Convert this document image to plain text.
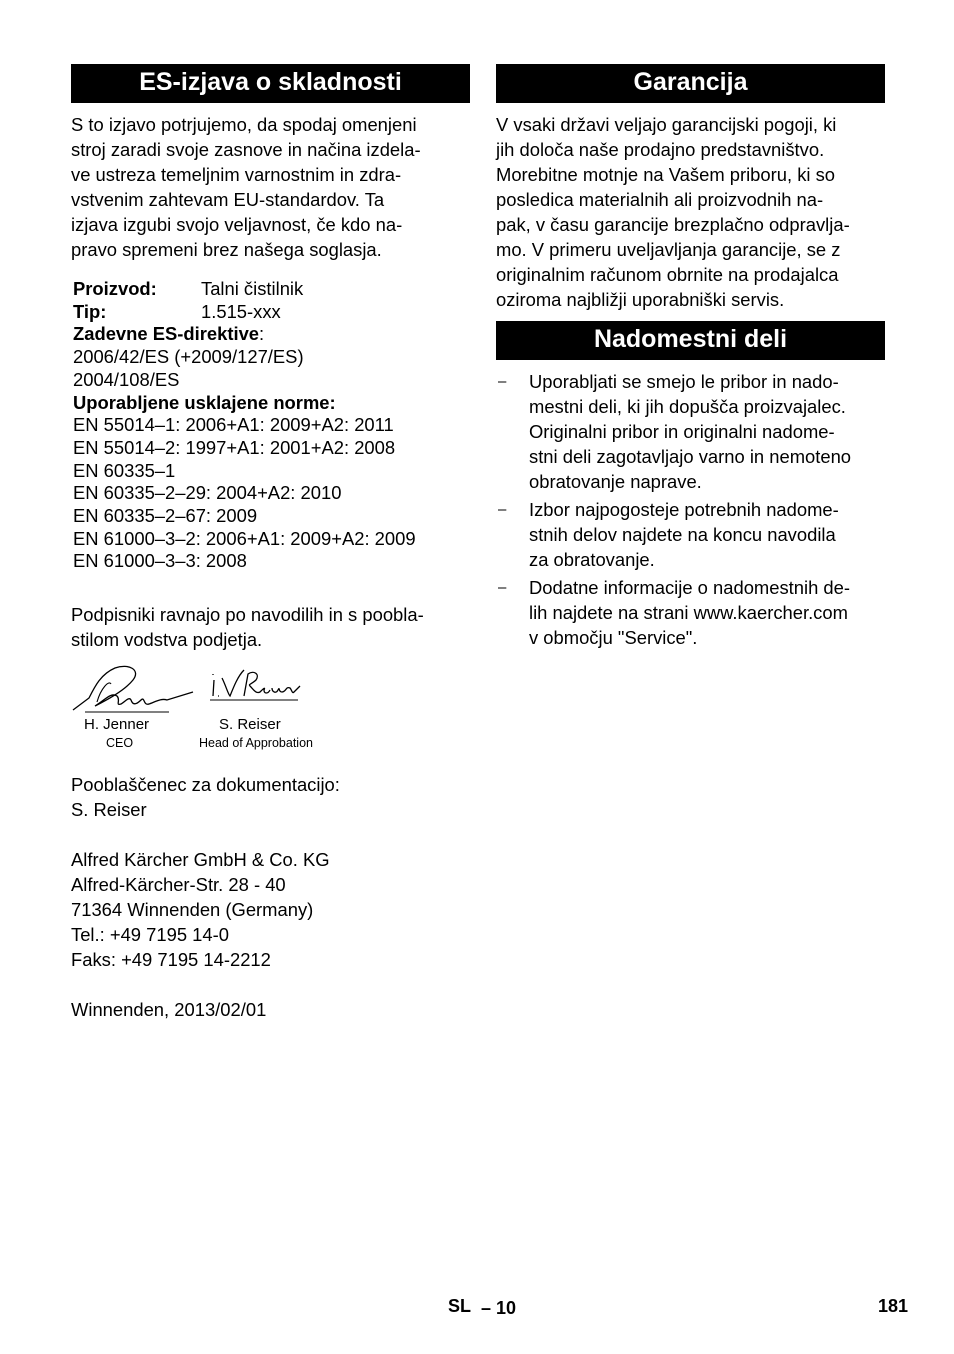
ES-izjava o skladnosti

S to izjavo potrjujemo, da spodaj omenjeni

stroj zaradi svoje zasnove in načina izdela-

ve ustreza temeljnim varnostnim in zdra-

vstvenim zahtevam EU-standardov. Ta

izjava izgubi svojo veljavnost, če kdo na-

pravo spremeni brez našega soglasja.

Proizvod:	Talni čistilnik
Tip:	1.515-xxx
Zadevne ES-direktive:
2006/42/ES (+2009/127/ES)
2004/108/ES
Uporabljene usklajene norme:
EN 55014–1: 2006+A1: 2009+A2: 2011
EN 55014–2: 1997+A1: 2001+A2: 2008
EN 60335–1
EN 60335–2–29: 2004+A2: 2010
EN 60335–2–67: 2009
EN 61000–3–2: 2006+A1: 2009+A2: 2009
EN 61000–3–3: 2008

Podpisniki ravnajo po navodilih in s poobla-

stilom vodstva podjetja.

H. Jenner
CEO
S. Reiser
Head of Approbation

Pooblaščenec za dokumentacijo:

S. Reiser

Alfred Kärcher GmbH & Co. KG

Alfred-Kärcher-Str. 28 - 40

71364 Winnenden (Germany)

Tel.: +49 7195 14-0

Faks: +49 7195 14-2212

Winnenden, 2013/02/01

Garancija

V vsaki državi veljajo garancijski pogoji, ki

jih določa naše prodajno predstavništvo.

Morebitne motnje na Vašem priboru, ki so

posledica materialnih ali proizvodnih na-

pak, v času garancije brezplačno odpravlja-

mo. V primeru uveljavljanja garancije, se z

originalnim računom obrnite na prodajalca

oziroma najbližji uporabniški servis.

Nadomestni deli
– Uporabljati se smejo le pribor in nado-
mestni deli, ki jih dopušča proizvajalec.
Originalni pribor in originalni nadome-
stni deli zagotavljajo varno in nemoteno
obratovanje naprave.
– Izbor najpogosteje potrebnih nadome-
stnih delov najdete na koncu navodila
za obratovanje.
– Dodatne informacije o nadomestnih de-
lih najdete na strani www.kaercher.com
v območju "Service".
SL – 10	181
